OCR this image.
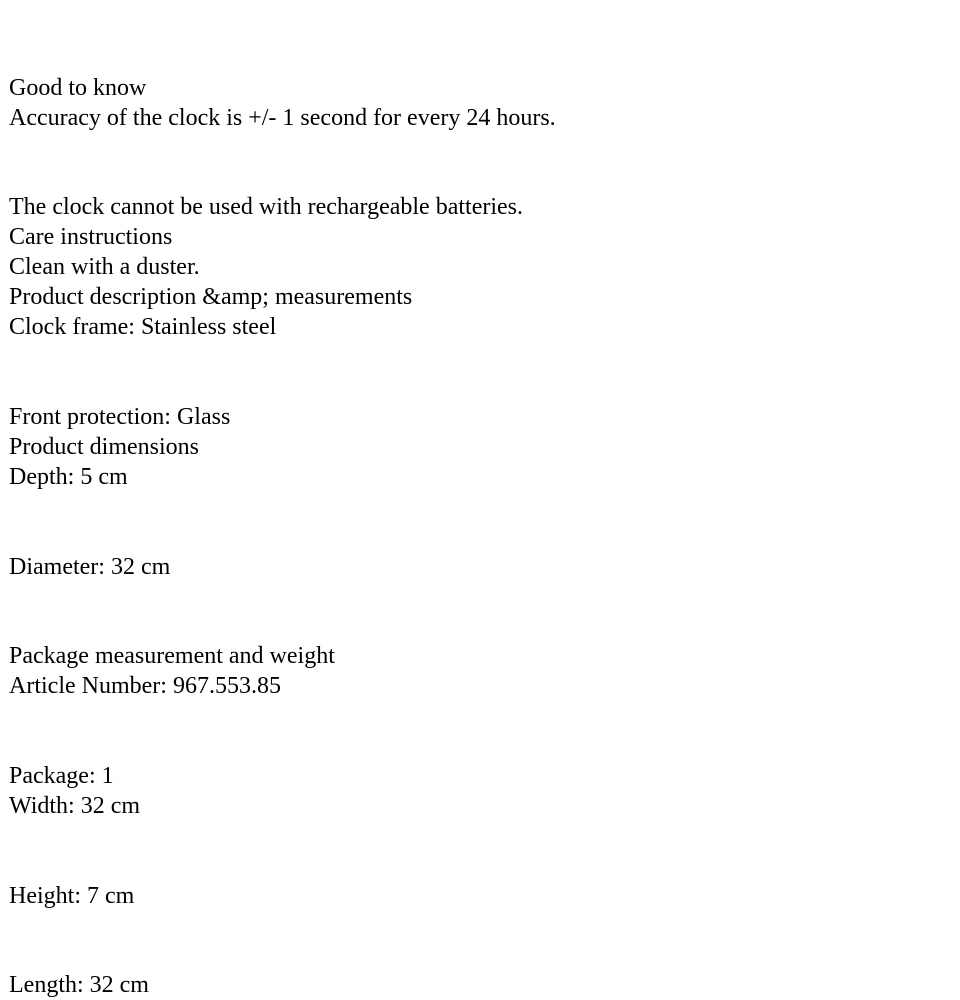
Good to know
Accuracy of the clock is +/- 1 second for every 24 hours.
The clock cannot be used with rechargeable batteries.
Care instructions
Clean with a duster.
Product description &amp; measurements
Clock frame: Stainless steel
Front protection: Glass
Product dimensions
Depth: 5 cm
Diameter: 32 cm
Package measurement and weight
Article Number: 967.553.85
Package: 1
Width: 32 cm
Height: 7 cm
Length: 32 cm
